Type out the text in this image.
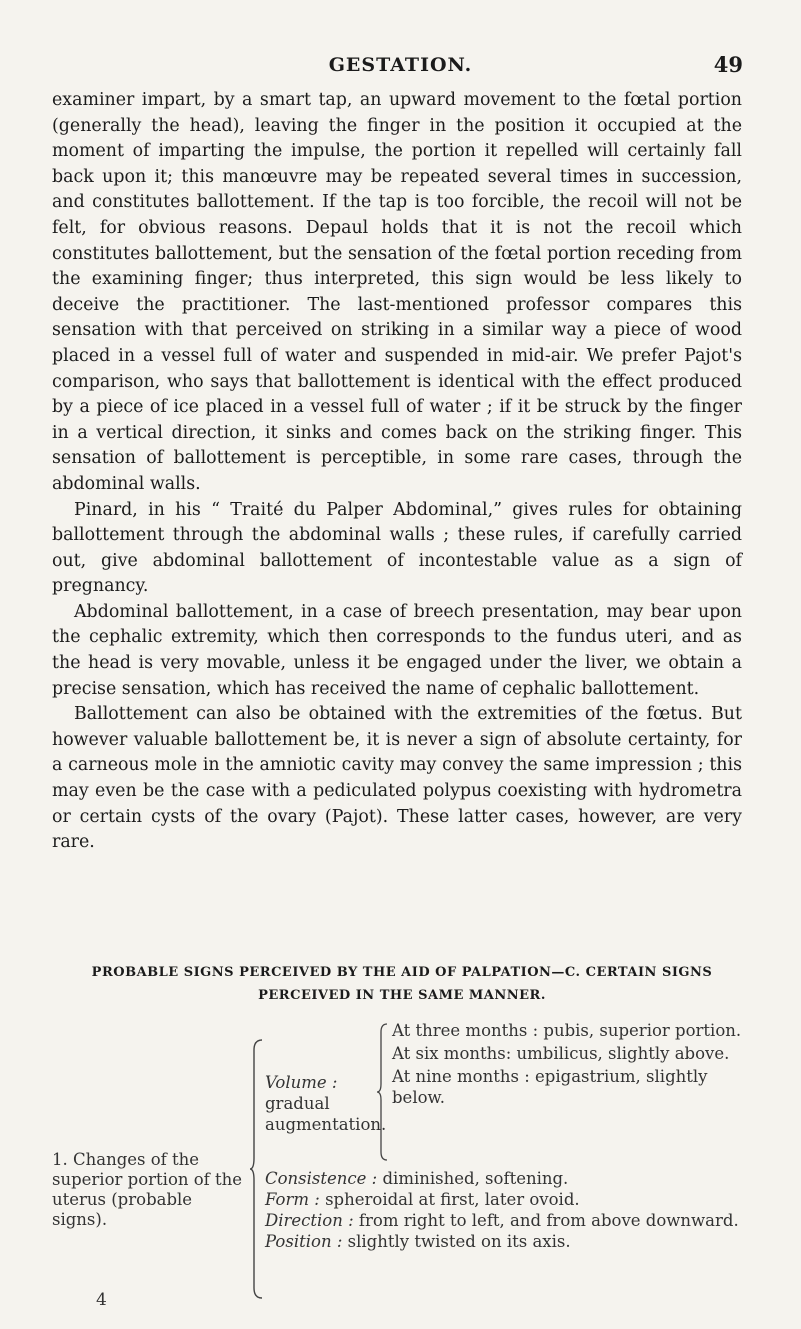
GESTATION.	49

examiner impart, by a smart tap, an upward movement to the fœtal portion (generally the head), leaving the finger in the position it occupied at the moment of imparting the impulse, the portion it repelled will certainly fall back upon it; this manœuvre may be repeated several times in succession, and constitutes ballottement. If the tap is too forcible, the recoil will not be felt, for obvious reasons. Depaul holds that it is not the recoil which constitutes ballottement, but the sensation of the fœtal portion receding from the examining finger; thus interpreted, this sign would be less likely to deceive the practitioner. The last-mentioned professor compares this sensation with that perceived on striking in a similar way a piece of wood placed in a vessel full of water and suspended in mid-air. We prefer Pajot's comparison, who says that ballottement is identical with the effect produced by a piece of ice placed in a vessel full of water ; if it be struck by the finger in a vertical direction, it sinks and comes back on the striking finger. This sensation of ballottement is perceptible, in some rare cases, through the abdominal walls.

Pinard, in his “ Traité du Palper Abdominal,” gives rules for obtaining ballottement through the abdominal walls ; these rules, if carefully carried out, give abdominal ballottement of incontestable value as a sign of pregnancy.

Abdominal ballottement, in a case of breech presentation, may bear upon the cephalic extremity, which then corresponds to the fundus uteri, and as the head is very movable, unless it be engaged under the liver, we obtain a precise sensation, which has received the name of cephalic ballottement.

Ballottement can also be obtained with the extremities of the fœtus. But however valuable ballottement be, it is never a sign of absolute certainty, for a carneous mole in the amniotic cavity may convey the same impression ; this may even be the case with a pediculated polypus coexisting with hydrometra or certain cysts of the ovary (Pajot). These latter cases, however, are very rare.

PROBABLE SIGNS PERCEIVED BY THE AID OF PALPATION—C. CERTAIN SIGNS PERCEIVED IN THE SAME MANNER.
1. Changes of the superior portion of the uterus (probable signs).
Volume : gradual augmentation.
At three months : pubis, superior portion.
At six months: umbilicus, slightly above.
At nine months : epigastrium, slightly below.
Consistence : diminished, softening.
Form : spheroidal at first, later ovoid.
Direction : from right to left, and from above downward.
Position : slightly twisted on its axis.
4
